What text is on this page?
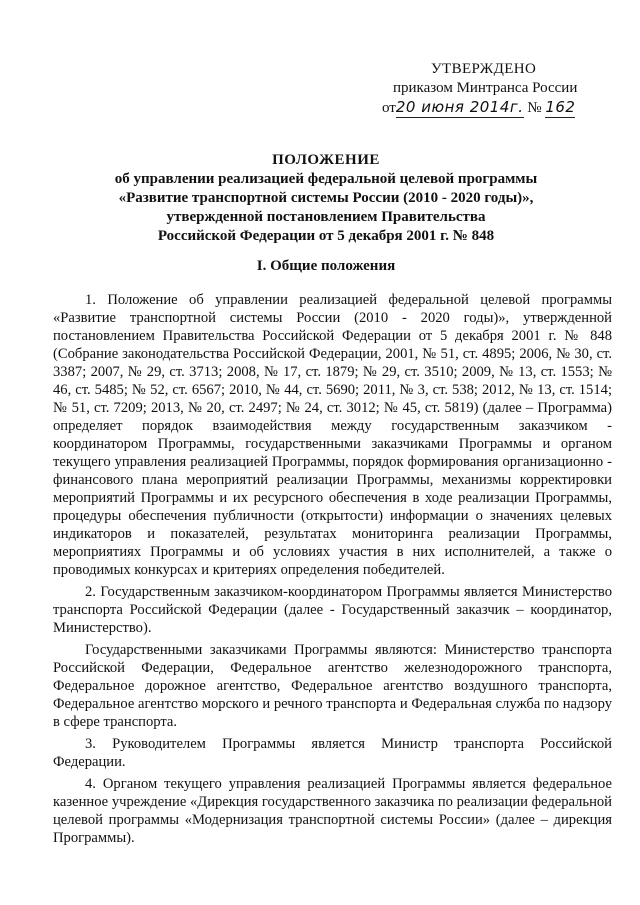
УТВЕРЖДЕНО
приказом Минтранса России
от20 июня 2014г. № 162
ПОЛОЖЕНИЕ
об управлении реализацией федеральной целевой программы
«Развитие транспортной системы России (2010 - 2020 годы)»,
утвержденной постановлением Правительства
Российской Федерации от 5 декабря 2001 г. № 848
I. Общие положения

1. Положение об управлении реализацией федеральной целевой программы «Развитие транспортной системы России (2010 - 2020 годы)», утвержденной постановлением Правительства Российской Федерации от 5 декабря 2001 г. № 848 (Собрание законодательства Российской Федерации, 2001, № 51, ст. 4895; 2006, № 30, ст. 3387; 2007, № 29, ст. 3713; 2008, № 17, ст. 1879; № 29, ст. 3510; 2009, № 13, ст. 1553; № 46, ст. 5485; № 52, ст. 6567; 2010, № 44, ст. 5690; 2011, № 3, ст. 538; 2012, № 13, ст. 1514; № 51, ст. 7209; 2013, № 20, ст. 2497; № 24, ст. 3012; № 45, ст. 5819) (далее – Программа) определяет порядок взаимодействия между государственным заказчиком - координатором Программы, государственными заказчиками Программы и органом текущего управления реализацией Программы, порядок формирования организационно - финансового плана мероприятий реализации Программы, механизмы корректировки мероприятий Программы и их ресурсного обеспечения в ходе реализации Программы, процедуры обеспечения публичности (открытости) информации о значениях целевых индикаторов и показателей, результатах мониторинга реализации Программы, мероприятиях Программы и об условиях участия в них исполнителей, а также о проводимых конкурсах и критериях определения победителей.

2. Государственным заказчиком-координатором Программы является Министерство транспорта Российской Федерации (далее - Государственный заказчик – координатор, Министерство).

Государственными заказчиками Программы являются: Министерство транспорта Российской Федерации, Федеральное агентство железнодорожного транспорта, Федеральное дорожное агентство, Федеральное агентство воздушного транспорта, Федеральное агентство морского и речного транспорта и Федеральная служба по надзору в сфере транспорта.

3. Руководителем Программы является Министр транспорта Российской Федерации.

4. Органом текущего управления реализацией Программы является федеральное казенное учреждение «Дирекция государственного заказчика по реализации федеральной целевой программы «Модернизация транспортной системы России» (далее – дирекция Программы).
